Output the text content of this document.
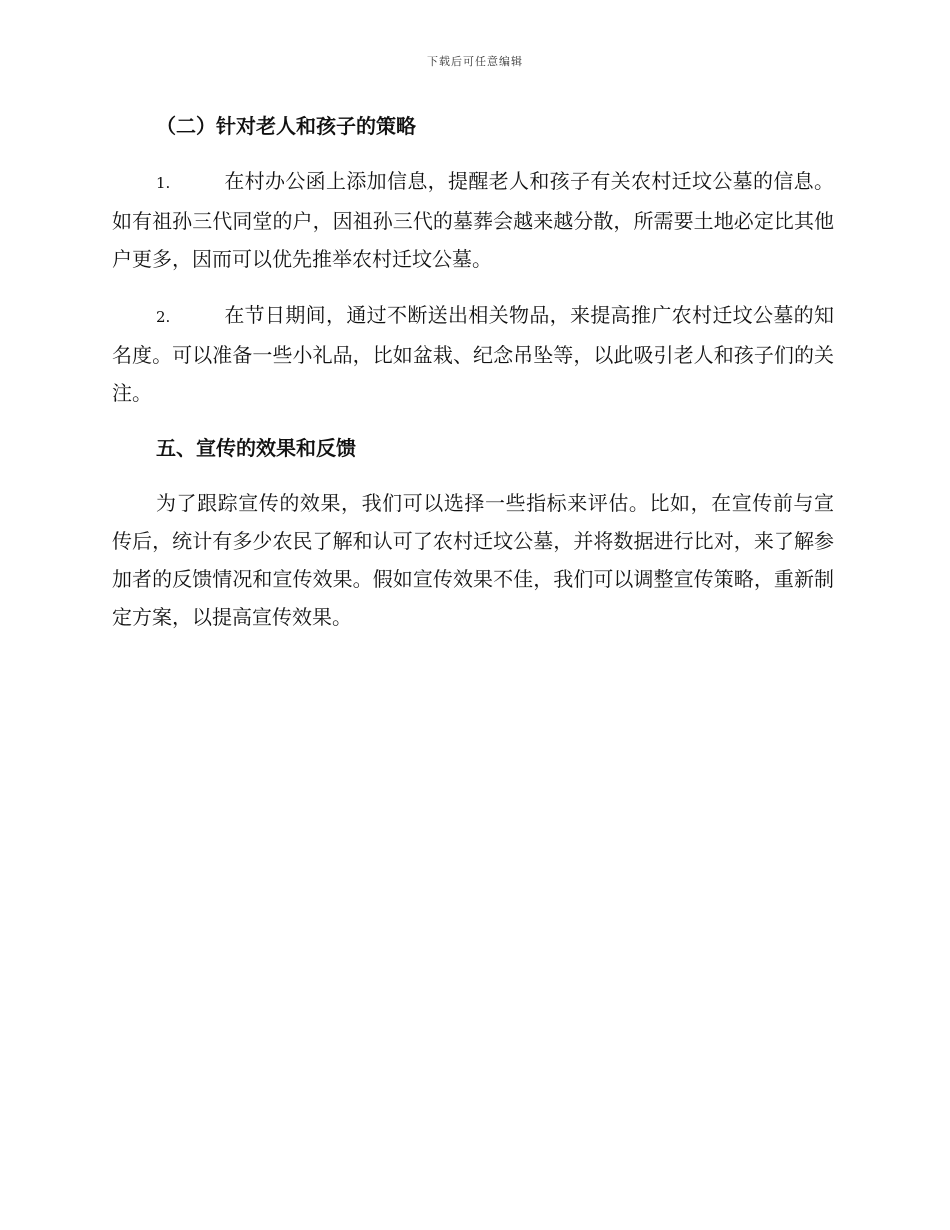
下载后可任意编辑
（二）针对老人和孩子的策略

1.	在村办公函上添加信息，提醒老人和孩子有关农村迁坟公墓的信息。如有祖孙三代同堂的户，因祖孙三代的墓葬会越来越分散，所需要土地必定比其他户更多，因而可以优先推举农村迁坟公墓。

2.	在节日期间，通过不断送出相关物品，来提高推广农村迁坟公墓的知名度。可以准备一些小礼品，比如盆栽、纪念吊坠等，以此吸引老人和孩子们的关注。

五、宣传的效果和反馈

为了跟踪宣传的效果，我们可以选择一些指标来评估。比如，在宣传前与宣传后，统计有多少农民了解和认可了农村迁坟公墓，并将数据进行比对，来了解参加者的反馈情况和宣传效果。假如宣传效果不佳，我们可以调整宣传策略，重新制定方案，以提高宣传效果。
